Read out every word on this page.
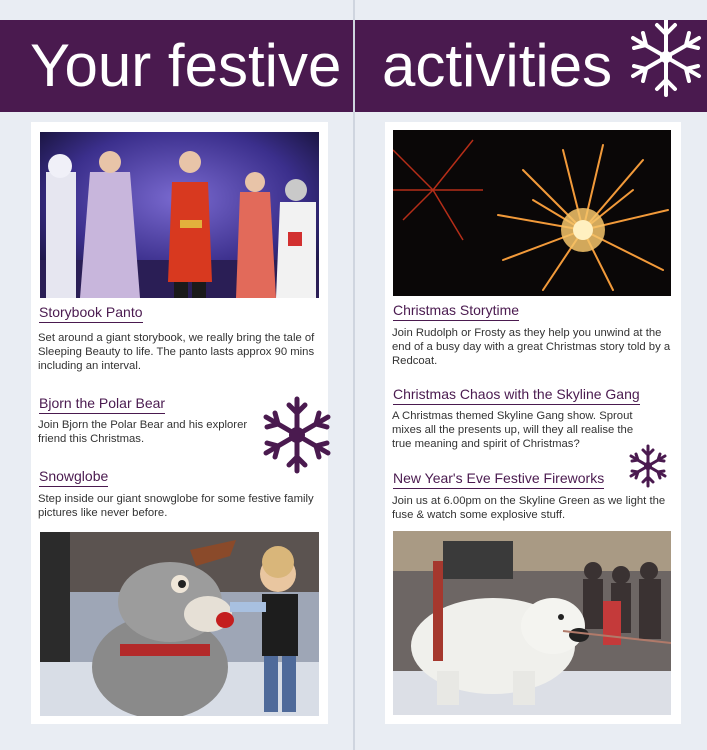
Your festive
Storybook Panto
Set around a giant storybook, we really bring the tale of Sleeping Beauty to life. The panto lasts approx 90 mins including an interval.
Bjorn the Polar Bear
Join Bjorn the Polar Bear and his explorer friend this Christmas.
Snowglobe
Step inside our giant snowglobe for some festive family pictures like never before.
activities
Christmas Storytime
Join Rudolph or Frosty as they help you unwind at the end of a busy day with a great Christmas story told by a Redcoat.
Christmas Chaos with the Skyline Gang
A Christmas themed Skyline Gang show. Sprout mixes all the presents up, will they all realise the true meaning and spirit of Christmas?
New Year's Eve Festive Fireworks
Join us at 6.00pm on the Skyline Green as we light the fuse & watch some explosive stuff.
